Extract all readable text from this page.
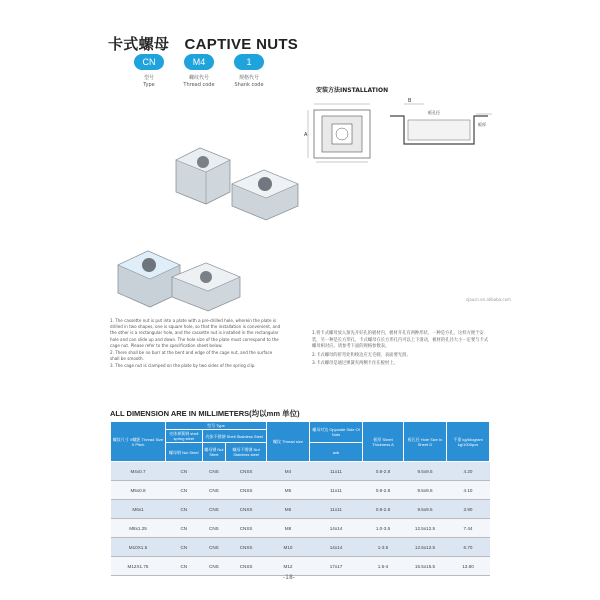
卡式螺母　CAPTIVE NUTS
CN
型号
Type
M4
螺纹代号
Thread code
1
规格代号
Shank code
安装方法INSTALLATION
A
B
板孔径
板厚
zjaucn.en.alibaba.com

1. The cassette nut is put into a plate with a pre-drilled hole, wherein the plate is drilled in two shapes, one is square hole, so that the installation is convenient, and the other is a rectangular hole, and the cassette nut is installed in the rectangular hole and can slide up and down. The hole size of the plate must correspond to the cage nut. Please refer to the specification sheet below.

2. There shall be no burr at the bent and edge of the cage nut, and the surface shall be smooth.

3. The cage nut is clamped on the plate by two sides of the spring clip.

1.将卡式螺母放入预先开好孔的板材内，板材开孔有两种形状，一种是方孔，这样方便于安装，另一种是长方形孔，卡式螺母在长方形孔内可以上下滑动，板材的孔径大小一定要与卡式螺母相对应。请参考下面的规格参数表。

2.卡式螺母的折弯处和棱边应无毛刺，表面要光滑。

3.卡式螺母是通过弹簧夹两侧卡住在板材上。

ALL DIMENSION ARE IN MILLIMETERS(均以mm 单位)
螺纹尺寸 X螺距 Thread Size X Pitch	型号 Type			螺纹 Thread size	螺母对边 Opposite Side Of Nuts	板厚 Sheet Thickness A	板孔径 Hole Size In Sheet D	千重 kg/kilogram kg/1000pcs
	壳体弹簧钢 shell spring steel	壳体不锈钢 Shell Stainless Steel						
	螺母钢 Nut Steel	螺母钢 Nut Steel	螺母不锈钢 Nut Stainless steel		axb			
M4x0.7	CN	CNS	CNSS	M4	11x11	0.8-2.8	9.5x9.5	4.20
M5x0.8	CN	CNS	CNSS	M5	11x11	0.8-2.8	9.5x9.5	4.10
M6x1	CN	CNS	CNSS	M6	11x11	0.8-2.8	9.5x9.5	3.90
M8x1.25	CN	CNS	CNSS	M8	14x14	1.0-3.5	12.5x12.5	7.44
M10X1.5	CN	CNS	CNSS	M10	14x14	1-3.5	12.5x12.5	6.70
M12X1.75	CN	CNS	CNSS	M12	17x17	1.5-4	15.5x15.5	13.80
-18-
